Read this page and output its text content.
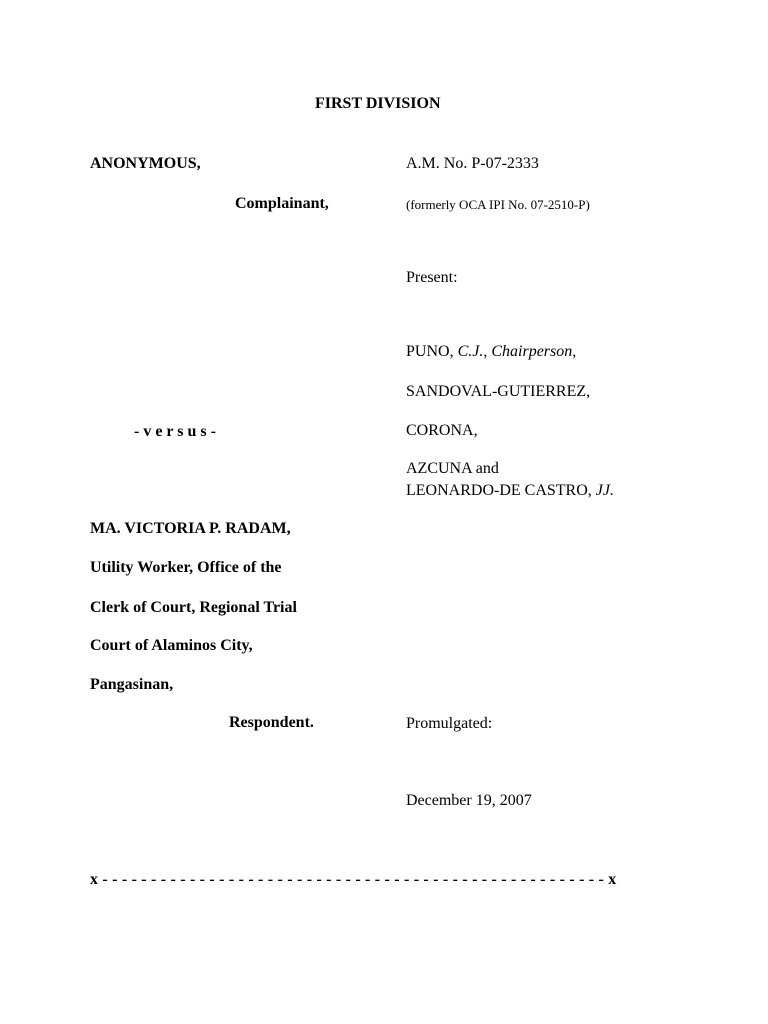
FIRST DIVISION
ANONYMOUS,
Complainant,
- v e r s u s -
MA. VICTORIA P. RADAM,
Utility Worker, Office of the
Clerk of Court, Regional Trial
Court of Alaminos City,
Pangasinan,
Respondent.
A.M. No. P-07-2333
(formerly OCA IPI No. 07-2510-P)
Present:
PUNO, C.J., Chairperson,
SANDOVAL-GUTIERREZ,
CORONA,
AZCUNA and
LEONARDO-DE CASTRO, JJ.
Promulgated:
December 19, 2007
x - - - - - - - - - - - - - - - - - - - - - - - - - - - - - - - - - - - - - - - - - - - - - - - - - - - - x
